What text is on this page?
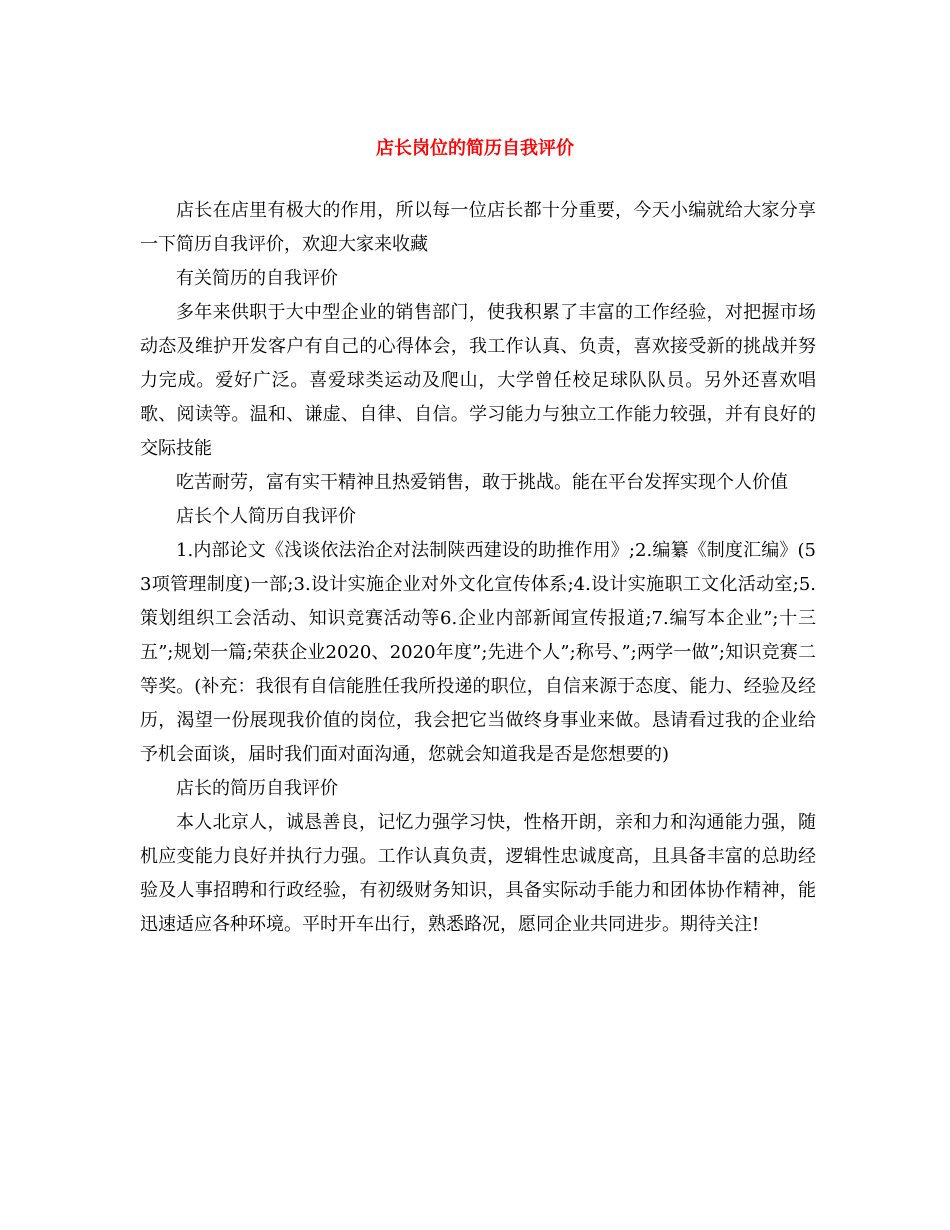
店长岗位的简历自我评价

店长在店里有极大的作用，所以每一位店长都十分重要，今天小编就给大家分享一下简历自我评价，欢迎大家来收藏

有关简历的自我评价

多年来供职于大中型企业的销售部门，使我积累了丰富的工作经验，对把握市场动态及维护开发客户有自己的心得体会，我工作认真、负责，喜欢接受新的挑战并努力完成。爱好广泛。喜爱球类运动及爬山，大学曾任校足球队队员。另外还喜欢唱歌、阅读等。温和、谦虚、自律、自信。学习能力与独立工作能力较强，并有良好的交际技能

吃苦耐劳，富有实干精神且热爱销售，敢于挑战。能在平台发挥实现个人价值

店长个人简历自我评价

1.内部论文《浅谈依法治企对法制陕西建设的助推作用》;2.编纂《制度汇编》(53项管理制度)一部;3.设计实施企业对外文化宣传体系;4.设计实施职工文化活动室;5.策划组织工会活动、知识竞赛活动等6.企业内部新闻宣传报道;7.编写本企业”;十三五”;规划一篇;荣获企业2020、2020年度”;先进个人”;称号、”;两学一做”;知识竞赛二等奖。(补充：我很有自信能胜任我所投递的职位，自信来源于态度、能力、经验及经历，渴望一份展现我价值的岗位，我会把它当做终身事业来做。恳请看过我的企业给予机会面谈，届时我们面对面沟通，您就会知道我是否是您想要的)

店长的简历自我评价

本人北京人，诚恳善良，记忆力强学习快，性格开朗，亲和力和沟通能力强，随机应变能力良好并执行力强。工作认真负责，逻辑性忠诚度高，且具备丰富的总助经验及人事招聘和行政经验，有初级财务知识，具备实际动手能力和团体协作精神，能迅速适应各种环境。平时开车出行，熟悉路况，愿同企业共同进步。期待关注!
